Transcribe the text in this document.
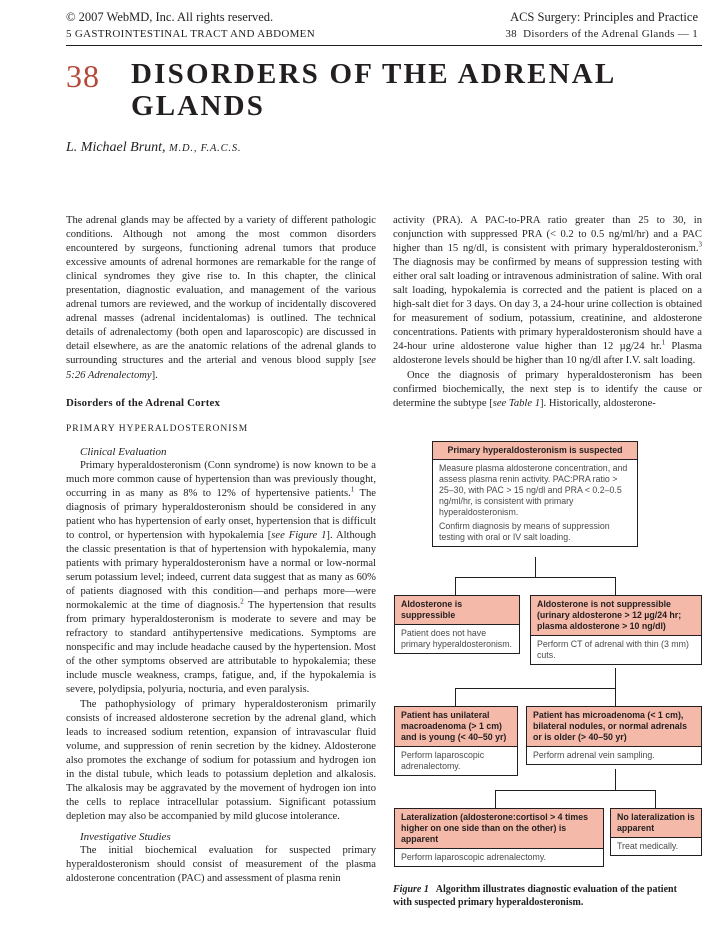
© 2007 WebMD, Inc. All rights reserved.	ACS Surgery: Principles and Practice
5 GASTROINTESTINAL TRACT AND ABDOMEN	38 Disorders of the Adrenal Glands — 1
38 DISORDERS OF THE ADRENAL GLANDS
L. Michael Brunt, M.D., F.A.C.S.

The adrenal glands may be affected by a variety of different pathologic conditions. Although not among the most common disorders encountered by surgeons, functioning adrenal tumors that produce excessive amounts of adrenal hormones are remarkable for the range of clinical syndromes they give rise to. In this chapter, the clinical presentation, diagnostic evaluation, and management of the various adrenal tumors are reviewed, and the workup of incidentally discovered adrenal masses (adrenal incidentalomas) is outlined. The technical details of adrenalectomy (both open and laparoscopic) are discussed in detail elsewhere, as are the anatomic relations of the adrenal glands to surrounding structures and the arterial and venous blood supply [see 5:26 Adrenalectomy].

Disorders of the Adrenal Cortex

PRIMARY HYPERALDOSTERONISM

Clinical Evaluation

Primary hyperaldosteronism (Conn syndrome) is now known to be a much more common cause of hypertension than was previously thought, occurring in as many as 8% to 12% of hypertensive patients.$^1$ The diagnosis of primary hyperaldosteronism should be considered in any patient who has hypertension of early onset, hypertension that is difficult to control, or hypertension with hypokalemia [see Figure 1]. Although the classic presentation is that of hypertension with hypokalemia, many patients with primary hyperaldosteronism have a normal or low-normal serum potassium level; indeed, current data suggest that as many as 60% of patients diagnosed with this condition—and perhaps more—were normokalemic at the time of diagnosis.$^2$ The hypertension that results from primary hyperaldosteronism is moderate to severe and may be refractory to standard antihypertensive medications. Symptoms are nonspecific and may include headache caused by the hypertension. Most of the other symptoms observed are attributable to hypokalemia; these include muscle weakness, cramps, fatigue, and, if the hypokalemia is severe, polydipsia, polyuria, nocturia, and even paralysis.

The pathophysiology of primary hyperaldosteronism primarily consists of increased aldosterone secretion by the adrenal gland, which leads to increased sodium retention, expansion of intravascular fluid volume, and suppression of renin secretion by the kidney. Aldosterone also promotes the exchange of sodium for potassium and hydrogen ion in the distal tubule, which leads to potassium depletion and alkalosis. The alkalosis may be aggravated by the movement of hydrogen ion into the cells to replace intracellular potassium. Significant potassium depletion may also be accompanied by mild glucose intolerance.

Investigative Studies

The initial biochemical evaluation for suspected primary hyperaldosteronism should consist of measurement of the plasma aldosterone concentration (PAC) and assessment of plasma renin

activity (PRA). A PAC-to-PRA ratio greater than 25 to 30, in conjunction with suppressed PRA (< 0.2 to 0.5 ng/ml/hr) and a PAC higher than 15 ng/dl, is consistent with primary hyperaldosteronism.$^3$ The diagnosis may be confirmed by means of suppression testing with either oral salt loading or intravenous administration of saline. With oral salt loading, hypokalemia is corrected and the patient is placed on a high-salt diet for 3 days. On day 3, a 24-hour urine collection is obtained for measurement of sodium, potassium, creatinine, and aldosterone concentrations. Patients with primary hyperaldosteronism should have a 24-hour urine aldosterone value higher than 12 µg/24 hr.$^1$ Plasma aldosterone levels should be higher than 10 ng/dl after I.V. salt loading.

Once the diagnosis of primary hyperaldosteronism has been confirmed biochemically, the next step is to identify the cause or determine the subtype [see Table 1]. Historically, aldosterone-

Primary hyperaldosteronism is suspected
Measure plasma aldosterone concentration, and assess plasma renin activity. PAC:PRA ratio > 25–30, with PAC > 15 ng/dl and PRA < 0.2–0.5 ng/ml/hr, is consistent with primary hyperaldosteronism.
Confirm diagnosis by means of suppression testing with oral or IV salt loading.
Aldosterone is suppressible
Patient does not have primary hyperaldosteronism.
Aldosterone is not suppressible (urinary aldosterone > 12 µg/24 hr; plasma aldosterone > 10 ng/dl)
Perform CT of adrenal with thin (3 mm) cuts.
Patient has unilateral macroadenoma (> 1 cm) and is young (< 40–50 yr)
Perform laparoscopic adrenalectomy.
Patient has microadenoma (< 1 cm), bilateral nodules, or normal adrenals or is older (> 40–50 yr)
Perform adrenal vein sampling.
Lateralization (aldosterone:cortisol > 4 times higher on one side than on the other) is apparent
Perform laparoscopic adrenalectomy.
No lateralization is apparent
Treat medically.
Figure 1 Algorithm illustrates diagnostic evaluation of the patient with suspected primary hyperaldosteronism.
